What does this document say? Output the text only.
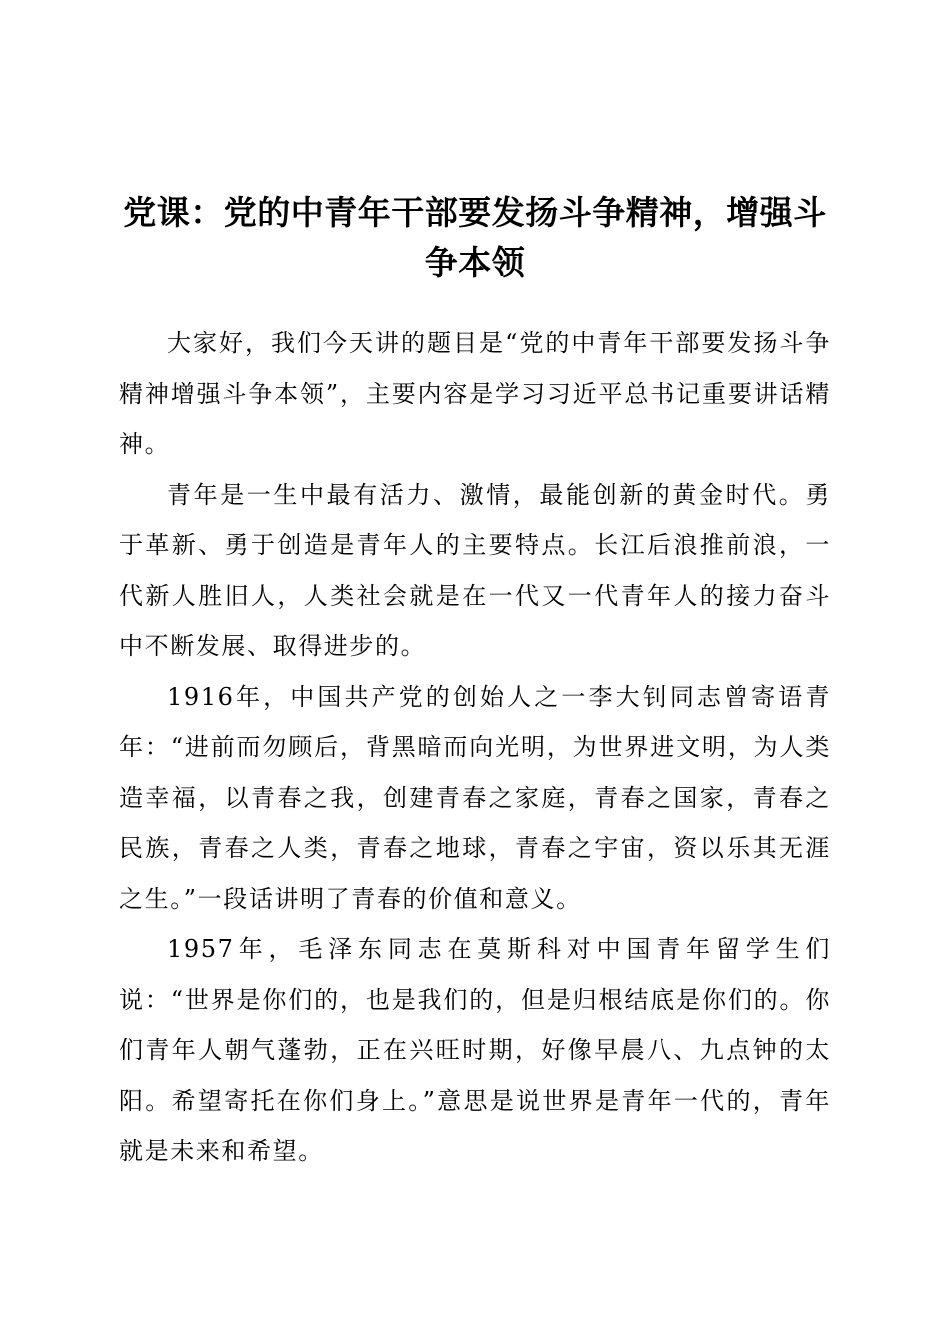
党课：党的中青年干部要发扬斗争精神，增强斗争本领

大家好，我们今天讲的题目是“党的中青年干部要发扬斗争精神增强斗争本领”，主要内容是学习习近平总书记重要讲话精神。

青年是一生中最有活力、激情，最能创新的黄金时代。勇于革新、勇于创造是青年人的主要特点。长江后浪推前浪，一代新人胜旧人，人类社会就是在一代又一代青年人的接力奋斗中不断发展、取得进步的。

1916年，中国共产党的创始人之一李大钊同志曾寄语青年：“进前而勿顾后，背黑暗而向光明，为世界进文明，为人类造幸福，以青春之我，创建青春之家庭，青春之国家，青春之民族，青春之人类，青春之地球，青春之宇宙，资以乐其无涯之生。”一段话讲明了青春的价值和意义。

1957年，毛泽东同志在莫斯科对中国青年留学生们说：“世界是你们的，也是我们的，但是归根结底是你们的。你们青年人朝气蓬勃，正在兴旺时期，好像早晨八、九点钟的太阳。希望寄托在你们身上。”意思是说世界是青年一代的，青年就是未来和希望。
